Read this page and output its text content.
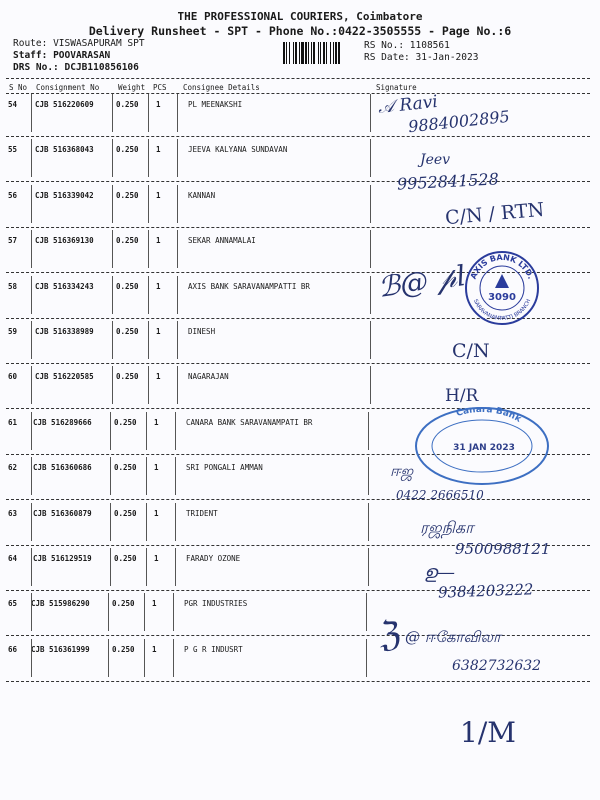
THE PROFESSIONAL COURIERS, Coimbatore
Delivery Runsheet - SPT - Phone No.:0422-3505555 - Page No.:6
Route: VISWASAPURAM SPT
Staff: POOVARASAN
DRS No.: DCJB110856106
RS No.: 1108561
RS Date: 31-Jan-2023
S No Consignment No	Weight PCS Consignee Details	Signature
54 CJB 516220609	0.250 1	PL MEENAKSHI
55 CJB 516368043	0.250 1	JEEVA KALYANA SUNDAVAN
56 CJB 516339042	0.250 1	KANNAN
57 CJB 516369130	0.250 1	SEKAR ANNAMALAI
58 CJB 516334243	0.250 1	AXIS BANK SARAVANAMPATTI BR
59 CJB 516338989	0.250 1	DINESH
60 CJB 516220585	0.250 1	NAGARAJAN
61 CJB 516289666	0.250 1	CANARA BANK SARAVANAMPATI BR
62 CJB 516360686	0.250 1	SRI PONGALI AMMAN
63 CJB 516360879	0.250 1	TRIDENT
64 CJB 516129519	0.250 1	FARADY OZONE
65 CJB 515986290	0.250 1	PGR INDUSTRIES
66 CJB 516361999	0.250 1	P G R INDUSRT
𝒜 Ravi
9884002895
Jeev
9952841528
C/N / RTN
ℬ@ 𝓅l
C/N
H/R
ஈஜ
0422 2666510
ரஜநிகா
9500988121
ഉ—
9384203222
ℨ @ ஈகோவிலா
6382732632
1/M
AXIS BANK LTD.
SARAVANAMPATTI BRANCH
3090
Canara Bank
31 JAN 2023
